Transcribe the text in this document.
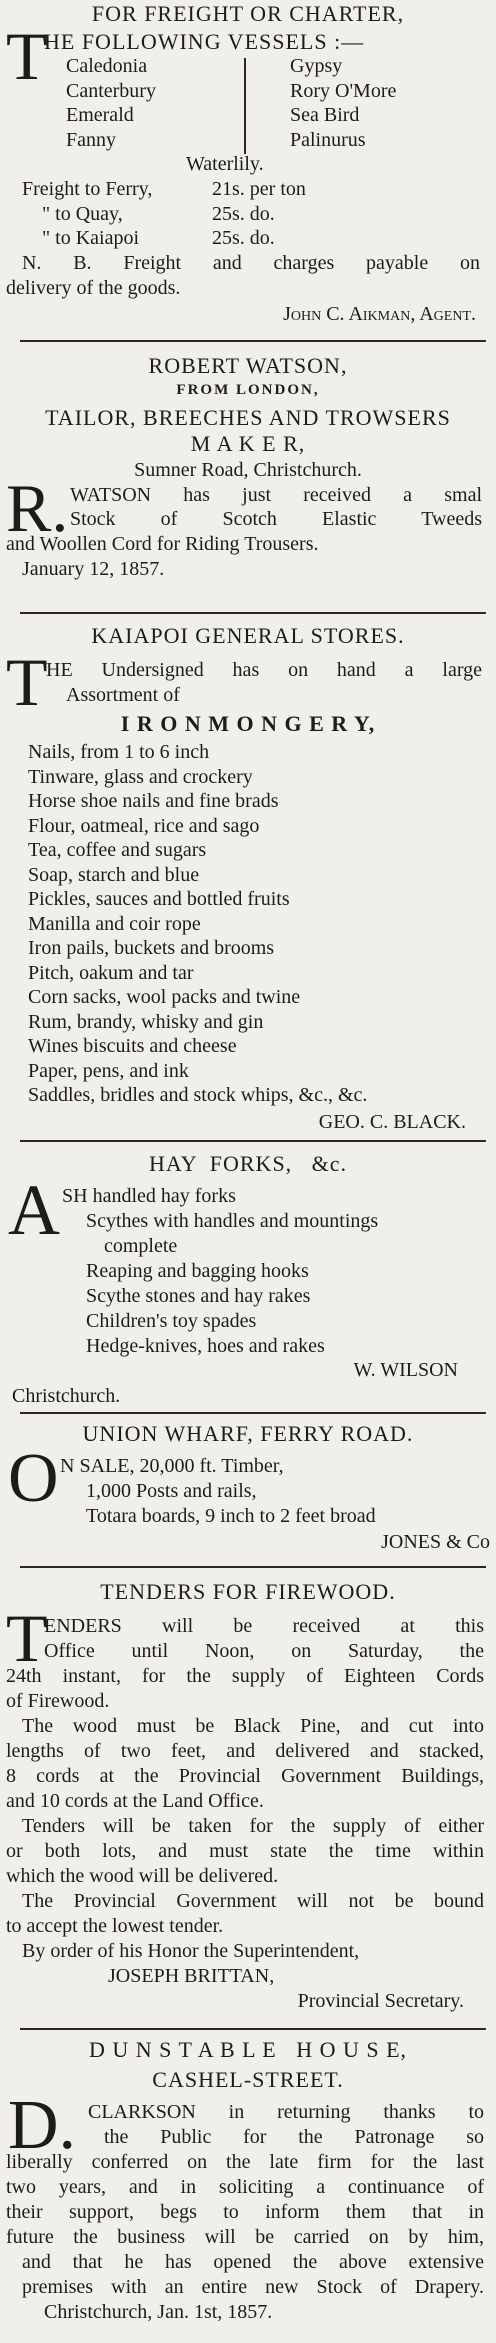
FOR FREIGHT OR CHARTER,
T
HE FOLLOWING VESSELS :—
Caledonia
Canterbury
Emerald
Fanny
Gypsy
Rory O'More
Sea Bird
Palinurus
Waterlily.
Freight to Ferry,	21s. per ton
" to Quay,	25s. do.
" to Kaiapoi	25s. do.
N. B. Freight and charges payable on
delivery of the goods.
John C. Aikman, Agent.
ROBERT WATSON,
FROM LONDON,
TAILOR, BREECHES AND TROWSERS
M A K E R,
Sumner Road, Christchurch.
R. WATSON has just received a smal
Stock of Scotch Elastic Tweeds
and Woollen Cord for Riding Trousers.
January 12, 1857.
KAIAPOI GENERAL STORES.
T
HE Undersigned has on hand a large
Assortment of
I R O N M O N G E R Y,
Nails, from 1 to 6 inch
Tinware, glass and crockery
Horse shoe nails and fine brads
Flour, oatmeal, rice and sago
Tea, coffee and sugars
Soap, starch and blue
Pickles, sauces and bottled fruits
Manilla and coir rope
Iron pails, buckets and brooms
Pitch, oakum and tar
Corn sacks, wool packs and twine
Rum, brandy, whisky and gin
Wines biscuits and cheese
Paper, pens, and ink
Saddles, bridles and stock whips, &c., &c.
GEO. C. BLACK.
HAY  FORKS,   &c.
A SH handled hay forks
Scythes with handles and mountings
complete
Reaping and bagging hooks
Scythe stones and hay rakes
Children's toy spades
Hedge-knives, hoes and rakes
W. WILSON
Christchurch.
UNION WHARF, FERRY ROAD.
O N SALE, 20,000 ft. Timber,
1,000 Posts and rails,
Totara boards, 9 inch to 2 feet broad
JONES & Co
TENDERS FOR FIREWOOD.
T
ENDERS will be received at this
Office until Noon, on Saturday, the
24th instant, for the supply of Eighteen Cords
of Firewood.
The wood must be Black Pine, and cut into
lengths of two feet, and delivered and stacked,
8 cords at the Provincial Government Buildings,
and 10 cords at the Land Office.
Tenders will be taken for the supply of either
or both lots, and must state the time within
which the wood will be delivered.
The Provincial Government will not be bound
to accept the lowest tender.
By order of his Honor the Superintendent,
JOSEPH BRITTAN,
Provincial Secretary.
D U N S T A B L E   H O U S E,
CASHEL-STREET.
D. CLARKSON in returning thanks to
the Public for the Patronage so
liberally conferred on the late firm for the last
two years, and in soliciting a continuance of
their support, begs to inform them that in
future the business will be carried on by him,
and that he has opened the above extensive
premises with an entire new Stock of Drapery.
Christchurch, Jan. 1st, 1857.
